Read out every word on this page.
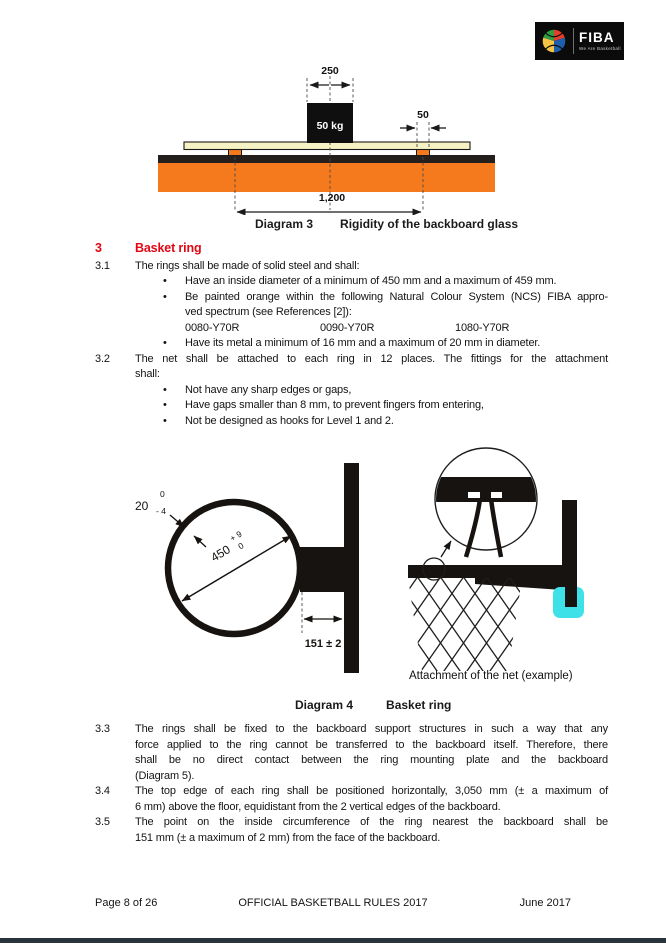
FIBA
We Are Basketball
50 kg
250
50
1,200
Diagram 3 Rigidity of the backboard glass
3	Basket ring
3.1	The rings shall be made of solid steel and shall:
•	Have an inside diameter of a minimum of 450 mm and a maximum of 459 mm.
•	Be painted orange within the following Natural Colour System (NCS) FIBA appro-
ved spectrum (see References [2]):
0080-Y70R	0090-Y70R	1080-Y70R
•	Have its metal a minimum of 16 mm and a maximum of 20 mm in diameter.
3.2	The net shall be attached to each ring in 12 places. The fittings for the attachment
shall:
•	Not have any sharp edges or gaps,
•	Have gaps smaller than 8 mm, to prevent fingers from entering,
•	Not be designed as hooks for Level 1 and 2.
450
+ 9
0
20
0
- 4
151 ± 2
Attachment of the net (example)
Diagram 4	Basket ring
3.3	The rings shall be fixed to the backboard support structures in such a way that any
force applied to the ring cannot be transferred to the backboard itself. Therefore, there
shall be no direct contact between the ring mounting plate and the backboard
(Diagram 5).
3.4	The top edge of each ring shall be positioned horizontally, 3,050 mm (± a maximum of
6 mm) above the floor, equidistant from the 2 vertical edges of the backboard.
3.5	The point on the inside circumference of the ring nearest the backboard shall be
151 mm (± a maximum of 2 mm) from the face of the backboard.
Page 8 of 26	OFFICIAL BASKETBALL RULES 2017	June 2017
